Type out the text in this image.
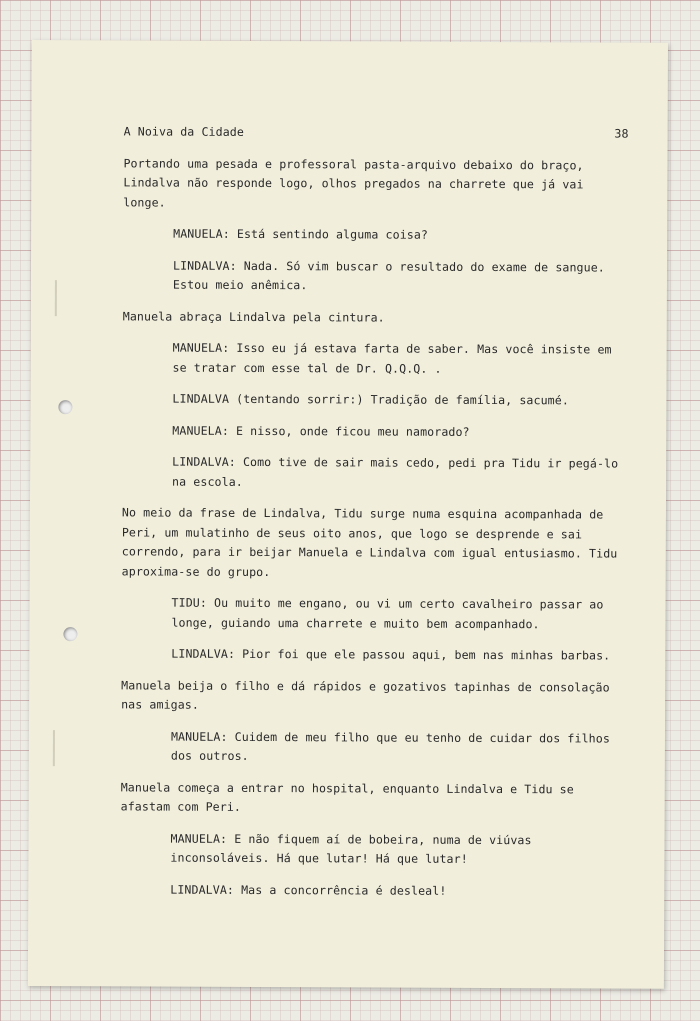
A Noiva da Cidade	38

Portando uma pesada e professoral pasta-arquivo debaixo do braço, Lindalva não responde logo, olhos pregados na charrete que já vai longe.

MANUELA: Está sentindo alguma coisa?

LINDALVA: Nada. Só vim buscar o resultado do exame de sangue. Estou meio anêmica.

Manuela abraça Lindalva pela cintura.

MANUELA: Isso eu já estava farta de saber. Mas você insiste em se tratar com esse tal de Dr. Q.Q.Q. .

LINDALVA (tentando sorrir:) Tradição de família, sacumé.

MANUELA: E nisso, onde ficou meu namorado?

LINDALVA: Como tive de sair mais cedo, pedi pra Tidu ir pegá-lo na escola.

No meio da frase de Lindalva, Tidu surge numa esquina acompanhada de Peri, um mulatinho de seus oito anos, que logo se desprende e sai correndo, para ir beijar Manuela e Lindalva com igual entusiasmo. Tidu aproxima-se do grupo.

TIDU: Ou muito me engano, ou vi um certo cavalheiro passar ao longe, guiando uma charrete e muito bem acompanhado.

LINDALVA: Pior foi que ele passou aqui, bem nas minhas barbas.

Manuela beija o filho e dá rápidos e gozativos tapinhas de consolação nas amigas.

MANUELA: Cuidem de meu filho que eu tenho de cuidar dos filhos dos outros.

Manuela começa a entrar no hospital, enquanto Lindalva e Tidu se afastam com Peri.

MANUELA: E não fiquem aí de bobeira, numa de viúvas inconsoláveis. Há que lutar! Há que lutar!

LINDALVA: Mas a concorrência é desleal!
